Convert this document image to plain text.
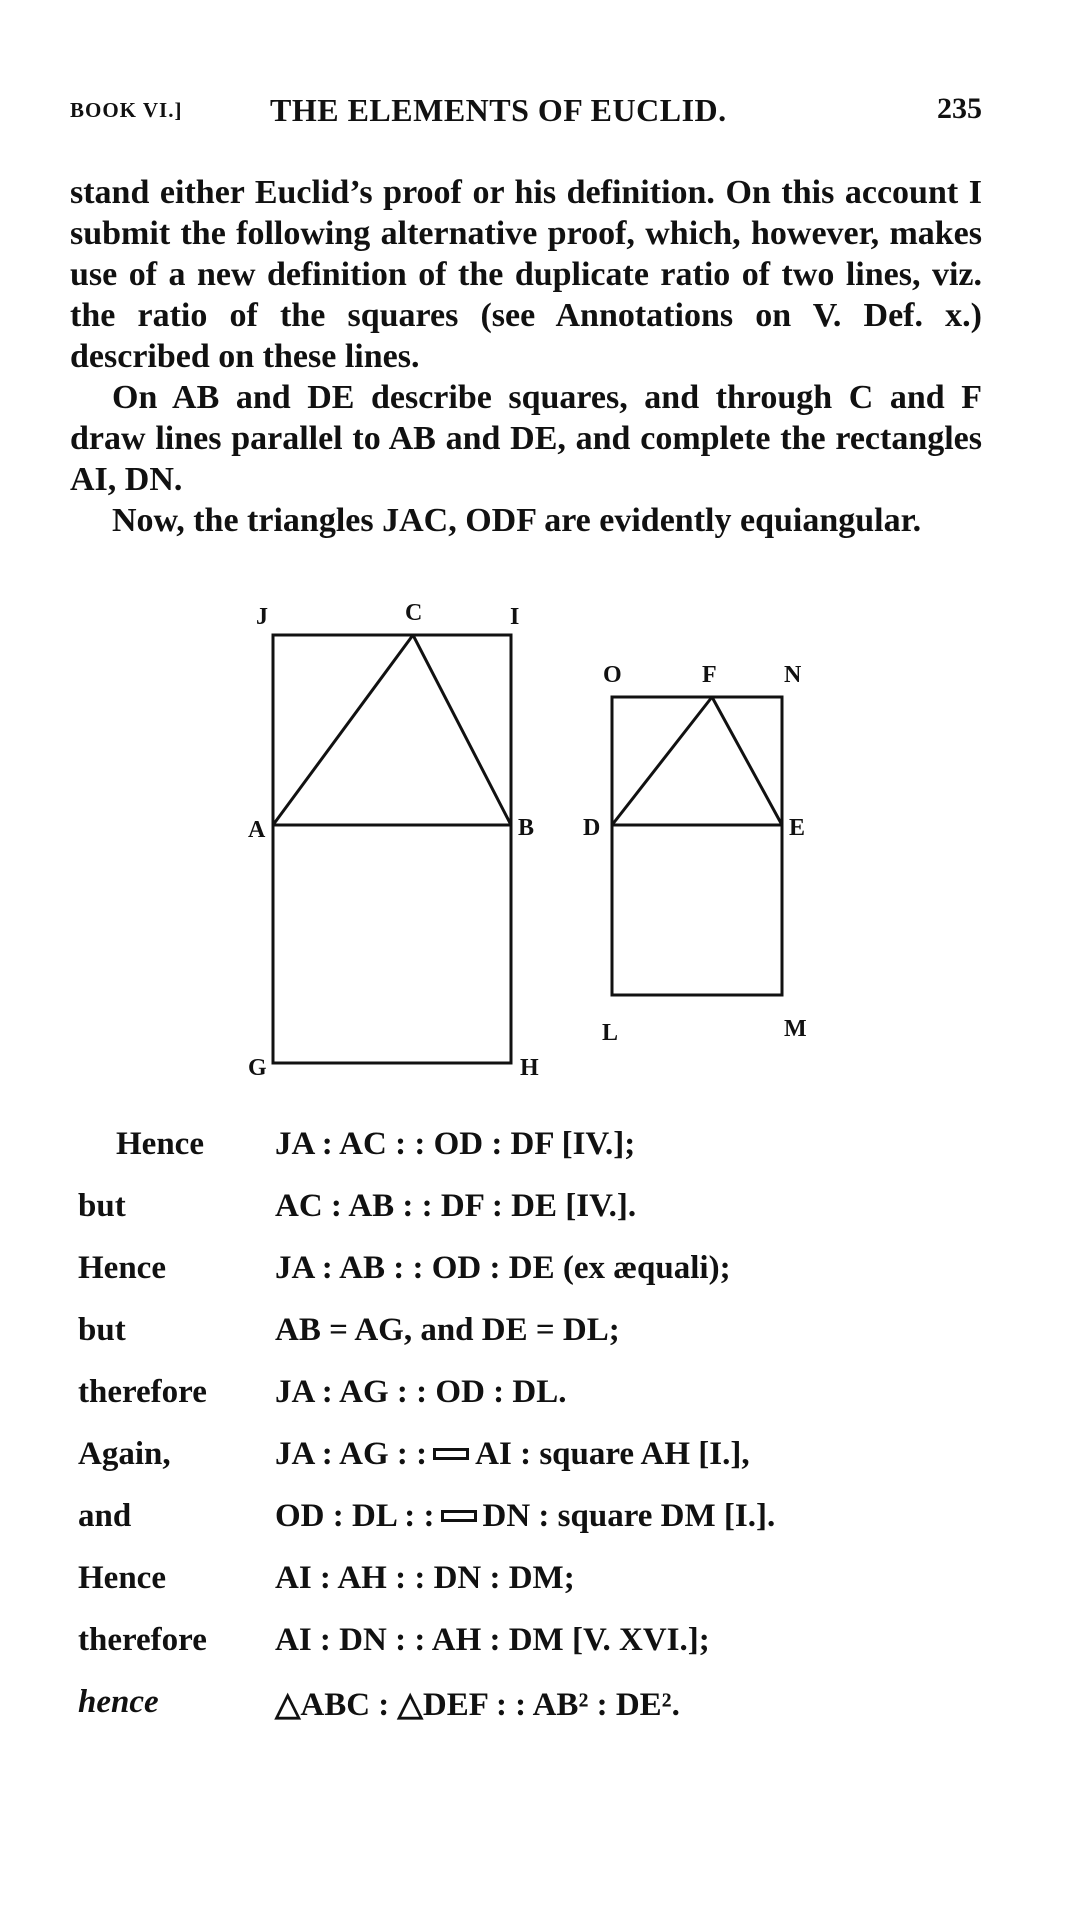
BOOK VI.]	THE ELEMENTS OF EUCLID.	235

stand either Euclid’s proof or his definition. On this account I submit the following alternative proof, which, however, makes use of a new definition of the duplicate ratio of two lines, viz. the ratio of the squares (see Annotations on V. Def. x.) described on these lines.

On AB and DE describe squares, and through C and F draw lines parallel to AB and DE, and complete the rectangles AI, DN.

Now, the triangles JAC, ODF are evidently equiangular.

J	C	I
A	B
G	H
O	F	N
D	E
L	M
Hence JA : AC : : OD : DF [IV.];
but	AC : AB : : DF : DE [IV.].
Hence	JA : AB : : OD : DE (ex æquali);
but	AB = AG, and DE = DL;
therefore JA : AG : : OD : DL.
Again,	JA : AG : : AI : square AH [I.],
and	OD : DL : : DN : square DM [I.].
Hence	AI : AH : : DN : DM;
therefore AI : DN : : AH : DM [V. XVI.];
hence	△ABC : △DEF : : AB² : DE².
